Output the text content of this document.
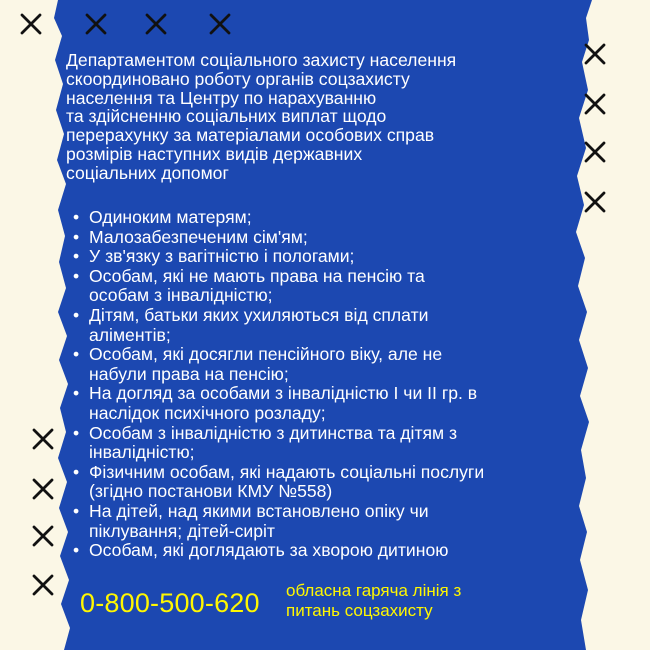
Департаментом соціального захисту населення
скоординовано роботу органів соцзахисту
населення та Центру по нарахуванню
та здійсненню соціальних виплат щодо
перерахунку за матеріалами особових справ
розмірів наступних видів державних
соціальних допомог

• Одиноким матерям;
• Малозабезпеченим сім'ям;
• У зв'язку з вагітністю і пологами;
• Особам, які не мають права на пенсію та
особам з інвалідністю;
• Дітям, батьки яких ухиляються від сплати
аліментів;
• Особам, які досягли пенсійного віку, але не
набули права на пенсію;
• На догляд за особами з інвалідністю І чи ІІ гр. в
наслідок психічного розладу;
• Особам з інвалідністю з дитинства та дітям з
інвалідністю;
• Фізичним особам, які надають соціальні послуги
(згідно постанови КМУ №558)
• На дітей, над якими встановлено опіку чи
піклування; дітей-сиріт
• Особам, які доглядають за хворою дитиною
0-800-500-620 обласна гаряча лінія з
питань соцзахисту
